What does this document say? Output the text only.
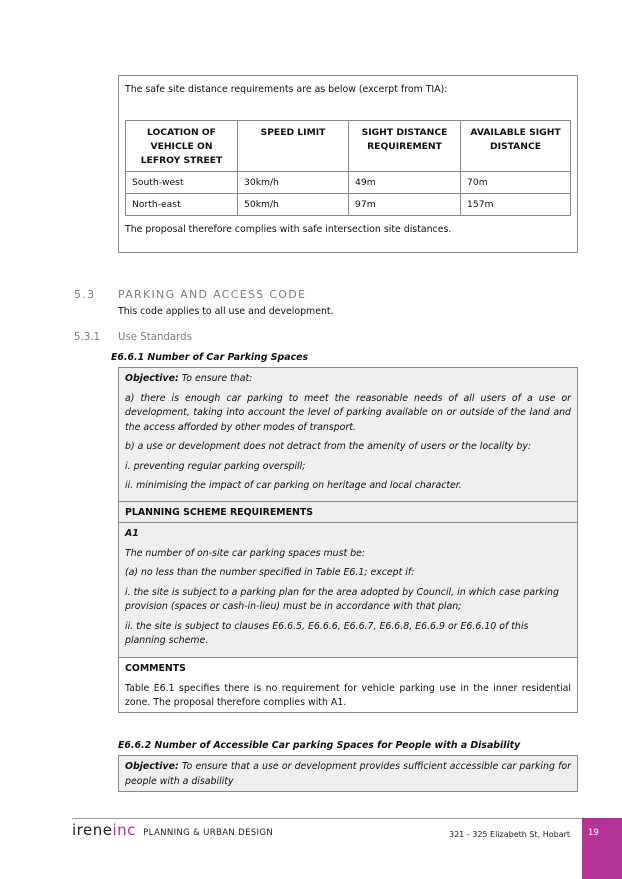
The safe site distance requirements are as below (excerpt from TIA):

LOCATION OF VEHICLE ON LEFROY STREET	SPEED LIMIT	SIGHT DISTANCE REQUIREMENT	AVAILABLE SIGHT DISTANCE
South-west	30km/h	49m	70m
North-east	50km/h	97m	157m

The proposal therefore complies with safe intersection site distances.

5.3 PARKING AND ACCESS CODE

This code applies to all use and development.

5.3.1 Use Standards

E6.6.1 Number of Car Parking Spaces

Objective: To ensure that:

a) there is enough car parking to meet the reasonable needs of all users of a use or development, taking into account the level of parking available on or outside of the land and the access afforded by other modes of transport.

b) a use or development does not detract from the amenity of users or the locality by:

i. preventing regular parking overspill;

ii. minimising the impact of car parking on heritage and local character.

PLANNING SCHEME REQUIREMENTS

A1

The number of on-site car parking spaces must be:

(a) no less than the number specified in Table E6.1; except if:

i. the site is subject to a parking plan for the area adopted by Council, in which case parking provision (spaces or cash-in-lieu) must be in accordance with that plan;

ii. the site is subject to clauses E6.6.5, E6.6.6, E6.6.7, E6.6.8, E6.6.9 or E6.6.10 of this planning scheme.

COMMENTS

Table E6.1 specifies there is no requirement for vehicle parking use in the inner residential zone. The proposal therefore complies with A1.

E6.6.2 Number of Accessible Car parking Spaces for People with a Disability

Objective: To ensure that a use or development provides sufficient accessible car parking for people with a disability
ireneinc PLANNING & URBAN DESIGN	321 - 325 Elizabeth St, Hobart	19
